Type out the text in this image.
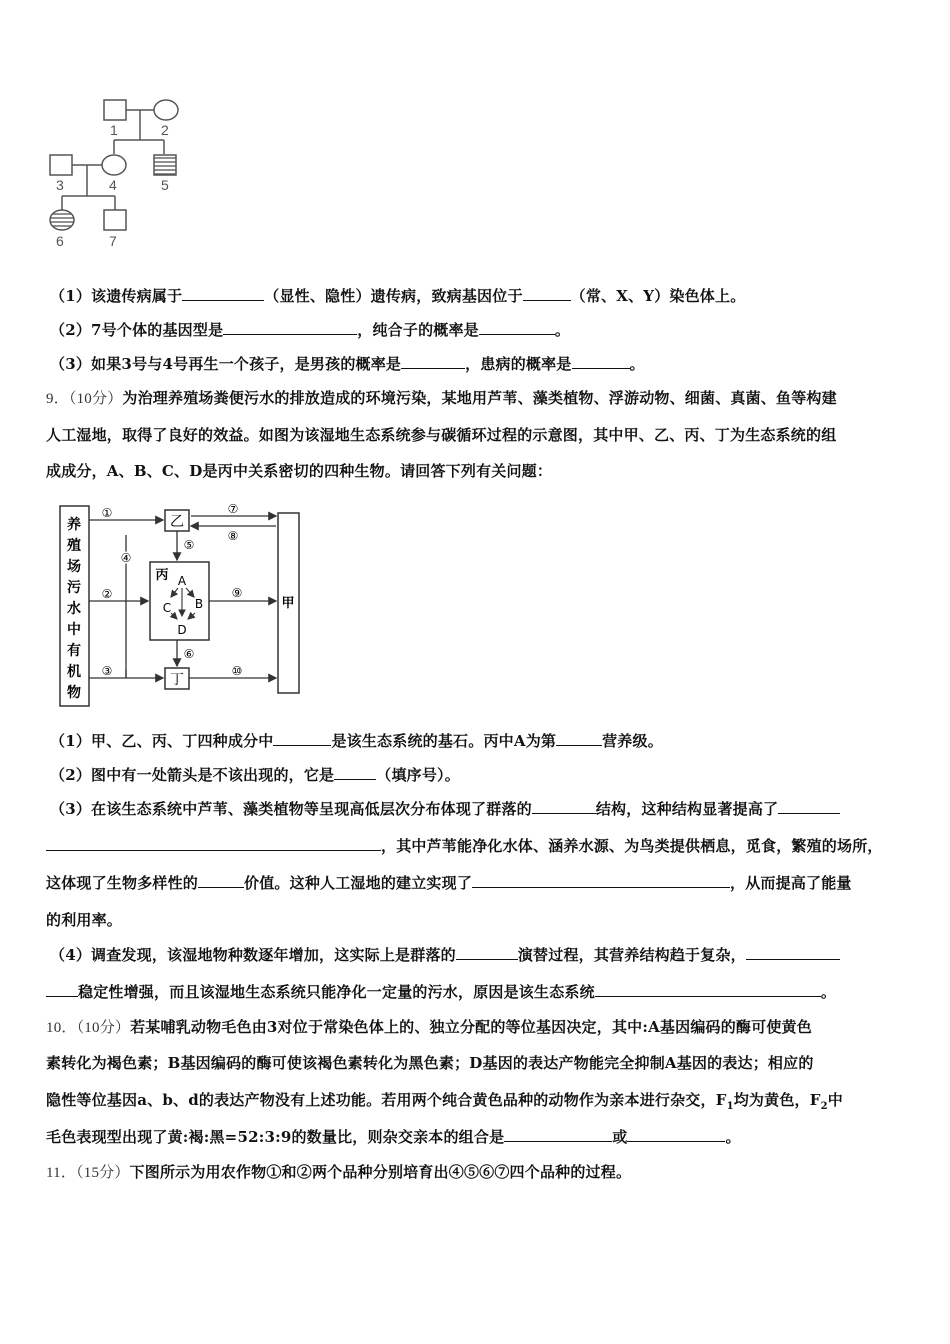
1	2
3	4	5
6	7
（1）该遗传病属于	（显性、隐性）遗传病，致病基因位于	（常、X、Y）染色体上。
（2）7号个体的基因型是	，纯合子的概率是	。
（3）如果3号与4号再生一个孩子，是男孩的概率是	，患病的概率是	。
9．（10分）为治理养殖场粪便污水的排放造成的环境污染，某地用芦苇、藻类植物、浮游动物、细菌、真菌、鱼等构建
人工湿地，取得了良好的效益。如图为该湿地生态系统参与碳循环过程的示意图，其中甲、乙、丙、丁为生态系统的组
成成分，A、B、C、D是丙中关系密切的四种生物。请回答下列有关问题：
养
殖
场
污
水
中
有
机
物
乙
丁
甲
丙 A
C B
D
①
②
③
④
⑤
⑥
⑦
⑧
⑨
⑩
（1）甲、乙、丙、丁四种成分中	是该生态系统的基石。丙中A为第	营养级。
（2）图中有一处箭头是不该出现的，它是	（填序号）。
（3）在该生态系统中芦苇、藻类植物等呈现高低层次分布体现了群落的	结构，这种结构显著提高了
，其中芦苇能净化水体、涵养水源、为鸟类提供栖息，觅食，繁殖的场所，
这体现了生物多样性的	价值。这种人工湿地的建立实现了	，从而提高了能量
的利用率。
（4）调查发现，该湿地物种数逐年增加，这实际上是群落的	演替过程，其营养结构趋于复杂，
稳定性增强，而且该湿地生态系统只能净化一定量的污水，原因是该生态系统	。
10．（10分）若某哺乳动物毛色由3对位于常染色体上的、独立分配的等位基因决定，其中:A基因编码的酶可使黄色
素转化为褐色素；B基因编码的酶可使该褐色素转化为黑色素；D基因的表达产物能完全抑制A基因的表达；相应的
隐性等位基因a、b、d的表达产物没有上述功能。若用两个纯合黄色品种的动物作为亲本进行杂交，$F_1$均为黄色，$F_2$中
毛色表现型出现了黄:褐:黑=52:3:9的数量比，则杂交亲本的组合是	或	。
11．（15分）下图所示为用农作物①和②两个品种分别培育出④⑤⑥⑦四个品种的过程。
